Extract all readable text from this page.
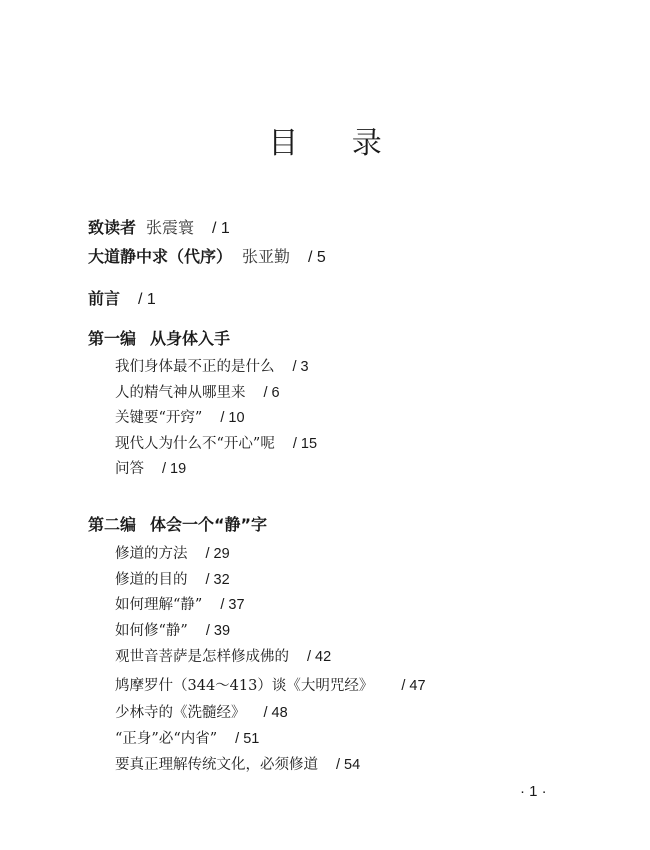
目 录
致读者 张震寰 / 1
大道静中求（代序） 张亚勤 / 5
前言 / 1
第一编 从身体入手
我们身体最不正的是什么 / 3
人的精气神从哪里来 / 6
关键要“开窍” / 10
现代人为什么不“开心”呢 / 15
问答 / 19
第二编 体会一个“静”字
修道的方法 / 29
修道的目的 / 32
如何理解“静” / 37
如何修“静” / 39
观世音菩萨是怎样修成佛的 / 42
鸠摩罗什（344～413）谈《大明咒经》 / 47
少林寺的《洗髓经》 / 48
“正身”必“内省” / 51
要真正理解传统文化，必须修道 / 54
· 1 ·
